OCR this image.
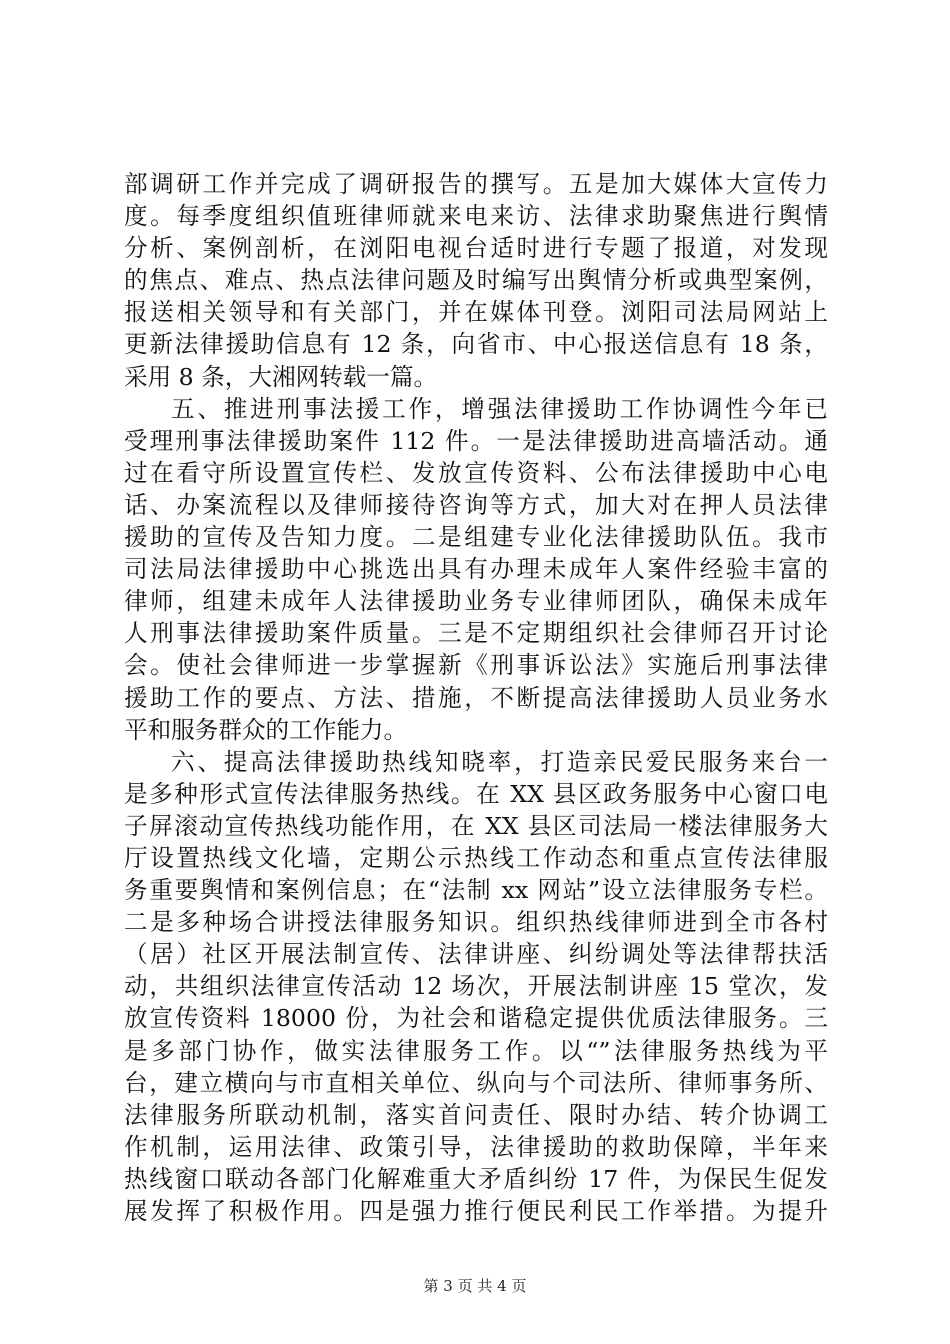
部调研工作并完成了调研报告的撰写。五是加大媒体大宣传力
度。每季度组织值班律师就来电来访、法律求助聚焦进行舆情
分析、案例剖析，在浏阳电视台适时进行专题了报道，对发现
的焦点、难点、热点法律问题及时编写出舆情分析或典型案例，
报送相关领导和有关部门，并在媒体刊登。浏阳司法局网站上
更新法律援助信息有 12 条，向省市、中心报送信息有 18 条，
采用 8 条，大湘网转载一篇。
五、推进刑事法援工作，增强法律援助工作协调性今年已
受理刑事法律援助案件 112 件。一是法律援助进高墙活动。通
过在看守所设置宣传栏、发放宣传资料、公布法律援助中心电
话、办案流程以及律师接待咨询等方式，加大对在押人员法律
援助的宣传及告知力度。二是组建专业化法律援助队伍。我市
司法局法律援助中心挑选出具有办理未成年人案件经验丰富的
律师，组建未成年人法律援助业务专业律师团队，确保未成年
人刑事法律援助案件质量。三是不定期组织社会律师召开讨论
会。使社会律师进一步掌握新《刑事诉讼法》实施后刑事法律
援助工作的要点、方法、措施，不断提高法律援助人员业务水
平和服务群众的工作能力。
六、提高法律援助热线知晓率，打造亲民爱民服务来台一
是多种形式宣传法律服务热线。在 XX 县区政务服务中心窗口电
子屏滚动宣传热线功能作用，在 XX 县区司法局一楼法律服务大
厅设置热线文化墙，定期公示热线工作动态和重点宣传法律服
务重要舆情和案例信息；在“法制 xx 网站”设立法律服务专栏。
二是多种场合讲授法律服务知识。组织热线律师进到全市各村
（居）社区开展法制宣传、法律讲座、纠纷调处等法律帮扶活
动，共组织法律宣传活动 12 场次，开展法制讲座 15 堂次，发
放宣传资料 18000 份，为社会和谐稳定提供优质法律服务。三
是多部门协作，做实法律服务工作。以“”法律服务热线为平
台，建立横向与市直相关单位、纵向与个司法所、律师事务所、
法律服务所联动机制，落实首问责任、限时办结、转介协调工
作机制，运用法律、政策引导，法律援助的救助保障，半年来
热线窗口联动各部门化解难重大矛盾纠纷 17 件，为保民生促发
展发挥了积极作用。四是强力推行便民利民工作举措。为提升
第 3 页 共 4 页
